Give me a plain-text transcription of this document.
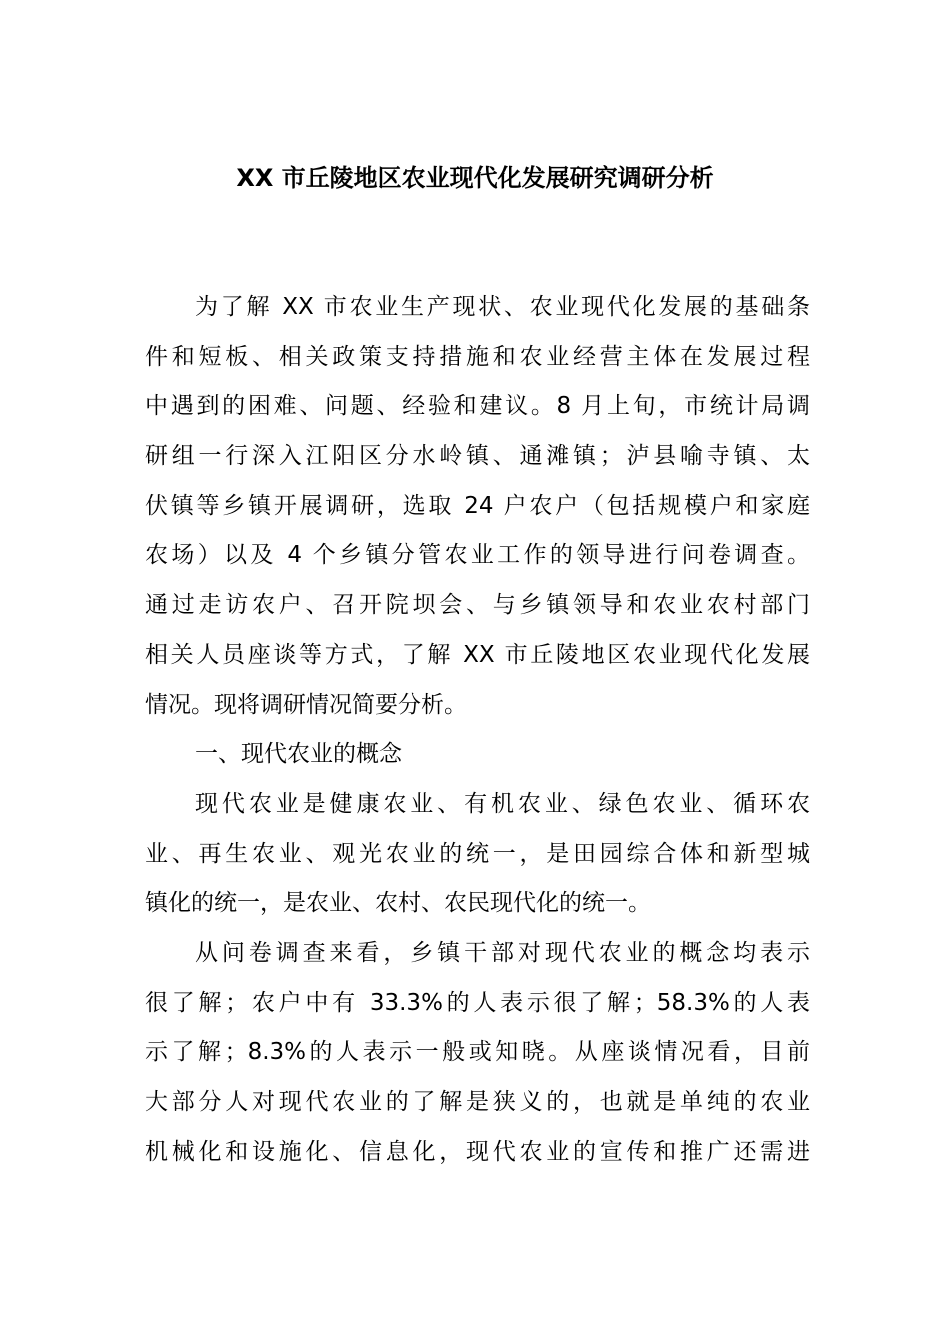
XX 市丘陵地区农业现代化发展研究调研分析
为了解 XX 市农业生产现状、农业现代化发展的基础条
件和短板、相关政策支持措施和农业经营主体在发展过程
中遇到的困难、问题、经验和建议。8 月上旬，市统计局调
研组一行深入江阳区分水岭镇、通滩镇；泸县喻寺镇、太
伏镇等乡镇开展调研，选取 24 户农户（包括规模户和家庭
农场）以及 4 个乡镇分管农业工作的领导进行问卷调查。
通过走访农户、召开院坝会、与乡镇领导和农业农村部门
相关人员座谈等方式，了解 XX 市丘陵地区农业现代化发展
情况。现将调研情况简要分析。
一、现代农业的概念
现代农业是健康农业、有机农业、绿色农业、循环农
业、再生农业、观光农业的统一，是田园综合体和新型城
镇化的统一，是农业、农村、农民现代化的统一。
从问卷调查来看，乡镇干部对现代农业的概念均表示
很了解；农户中有 33.3%的人表示很了解；58.3%的人表
示了解；8.3%的人表示一般或知晓。从座谈情况看，目前
大部分人对现代农业的了解是狭义的，也就是单纯的农业
机械化和设施化、信息化，现代农业的宣传和推广还需进
